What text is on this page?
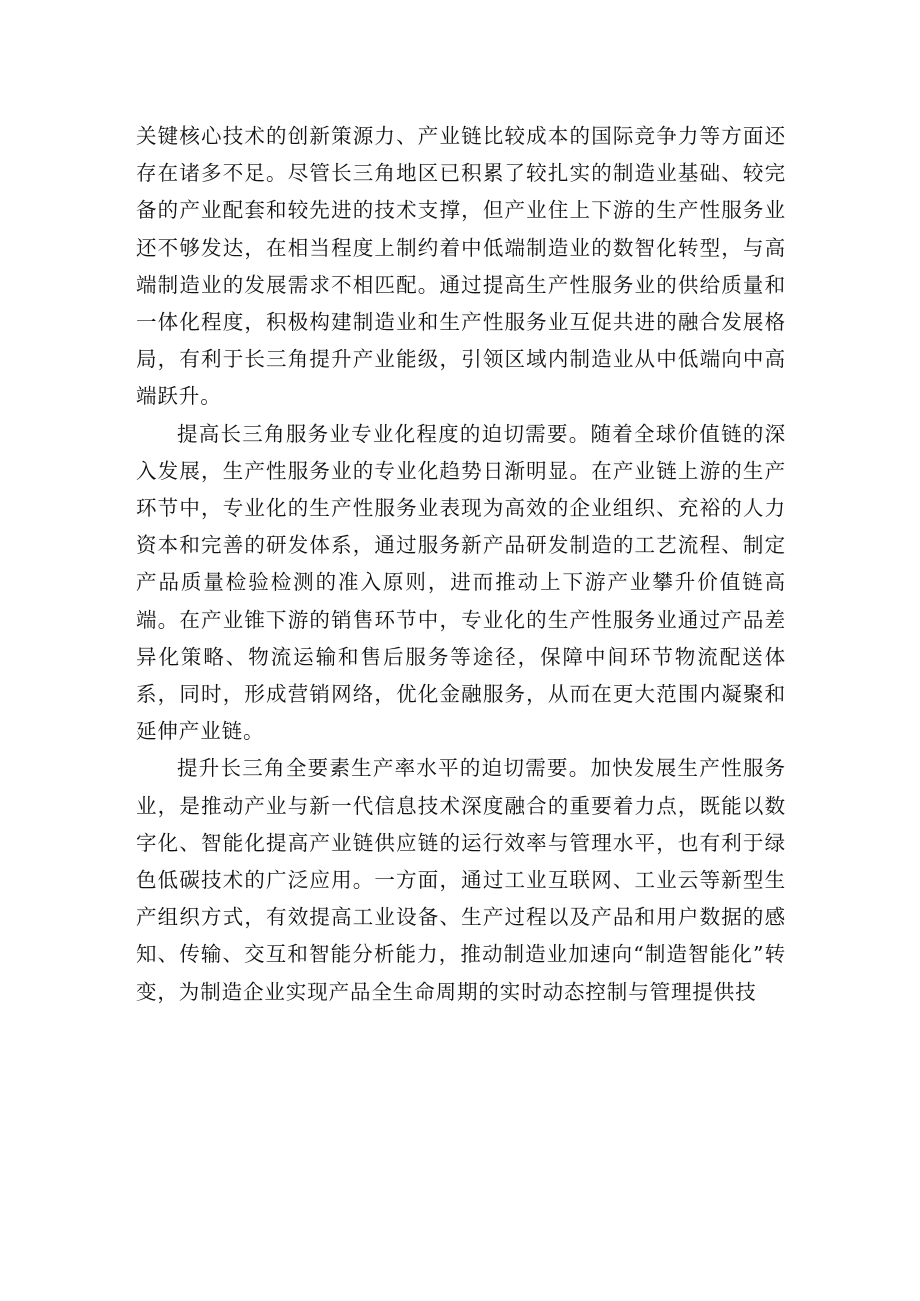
关键核心技术的创新策源力、产业链比较成本的国际竞争力等方面还存在诸多不足。尽管长三角地区已积累了较扎实的制造业基础、较完备的产业配套和较先进的技术支撑，但产业住上下游的生产性服务业还不够发达，在相当程度上制约着中低端制造业的数智化转型，与高端制造业的发展需求不相匹配。通过提高生产性服务业的供给质量和一体化程度，积极构建制造业和生产性服务业互促共进的融合发展格局，有利于长三角提升产业能级，引领区域内制造业从中低端向中高端跃升。

提高长三角服务业专业化程度的迫切需要。随着全球价值链的深入发展，生产性服务业的专业化趋势日渐明显。在产业链上游的生产环节中，专业化的生产性服务业表现为高效的企业组织、充裕的人力资本和完善的研发体系，通过服务新产品研发制造的工艺流程、制定产品质量检验检测的准入原则，进而推动上下游产业攀升价值链高端。在产业锥下游的销售环节中，专业化的生产性服务业通过产品差异化策略、物流运输和售后服务等途径，保障中间环节物流配送体系，同时，形成营销网络，优化金融服务，从而在更大范围内凝聚和延伸产业链。

提升长三角全要素生产率水平的迫切需要。加快发展生产性服务业，是推动产业与新一代信息技术深度融合的重要着力点，既能以数字化、智能化提高产业链供应链的运行效率与管理水平，也有利于绿色低碳技术的广泛应用。一方面，通过工业互联网、工业云等新型生产组织方式，有效提高工业设备、生产过程以及产品和用户数据的感知、传输、交互和智能分析能力，推动制造业加速向“制造智能化”转变，为制造企业实现产品全生命周期的实时动态控制与管理提供技
